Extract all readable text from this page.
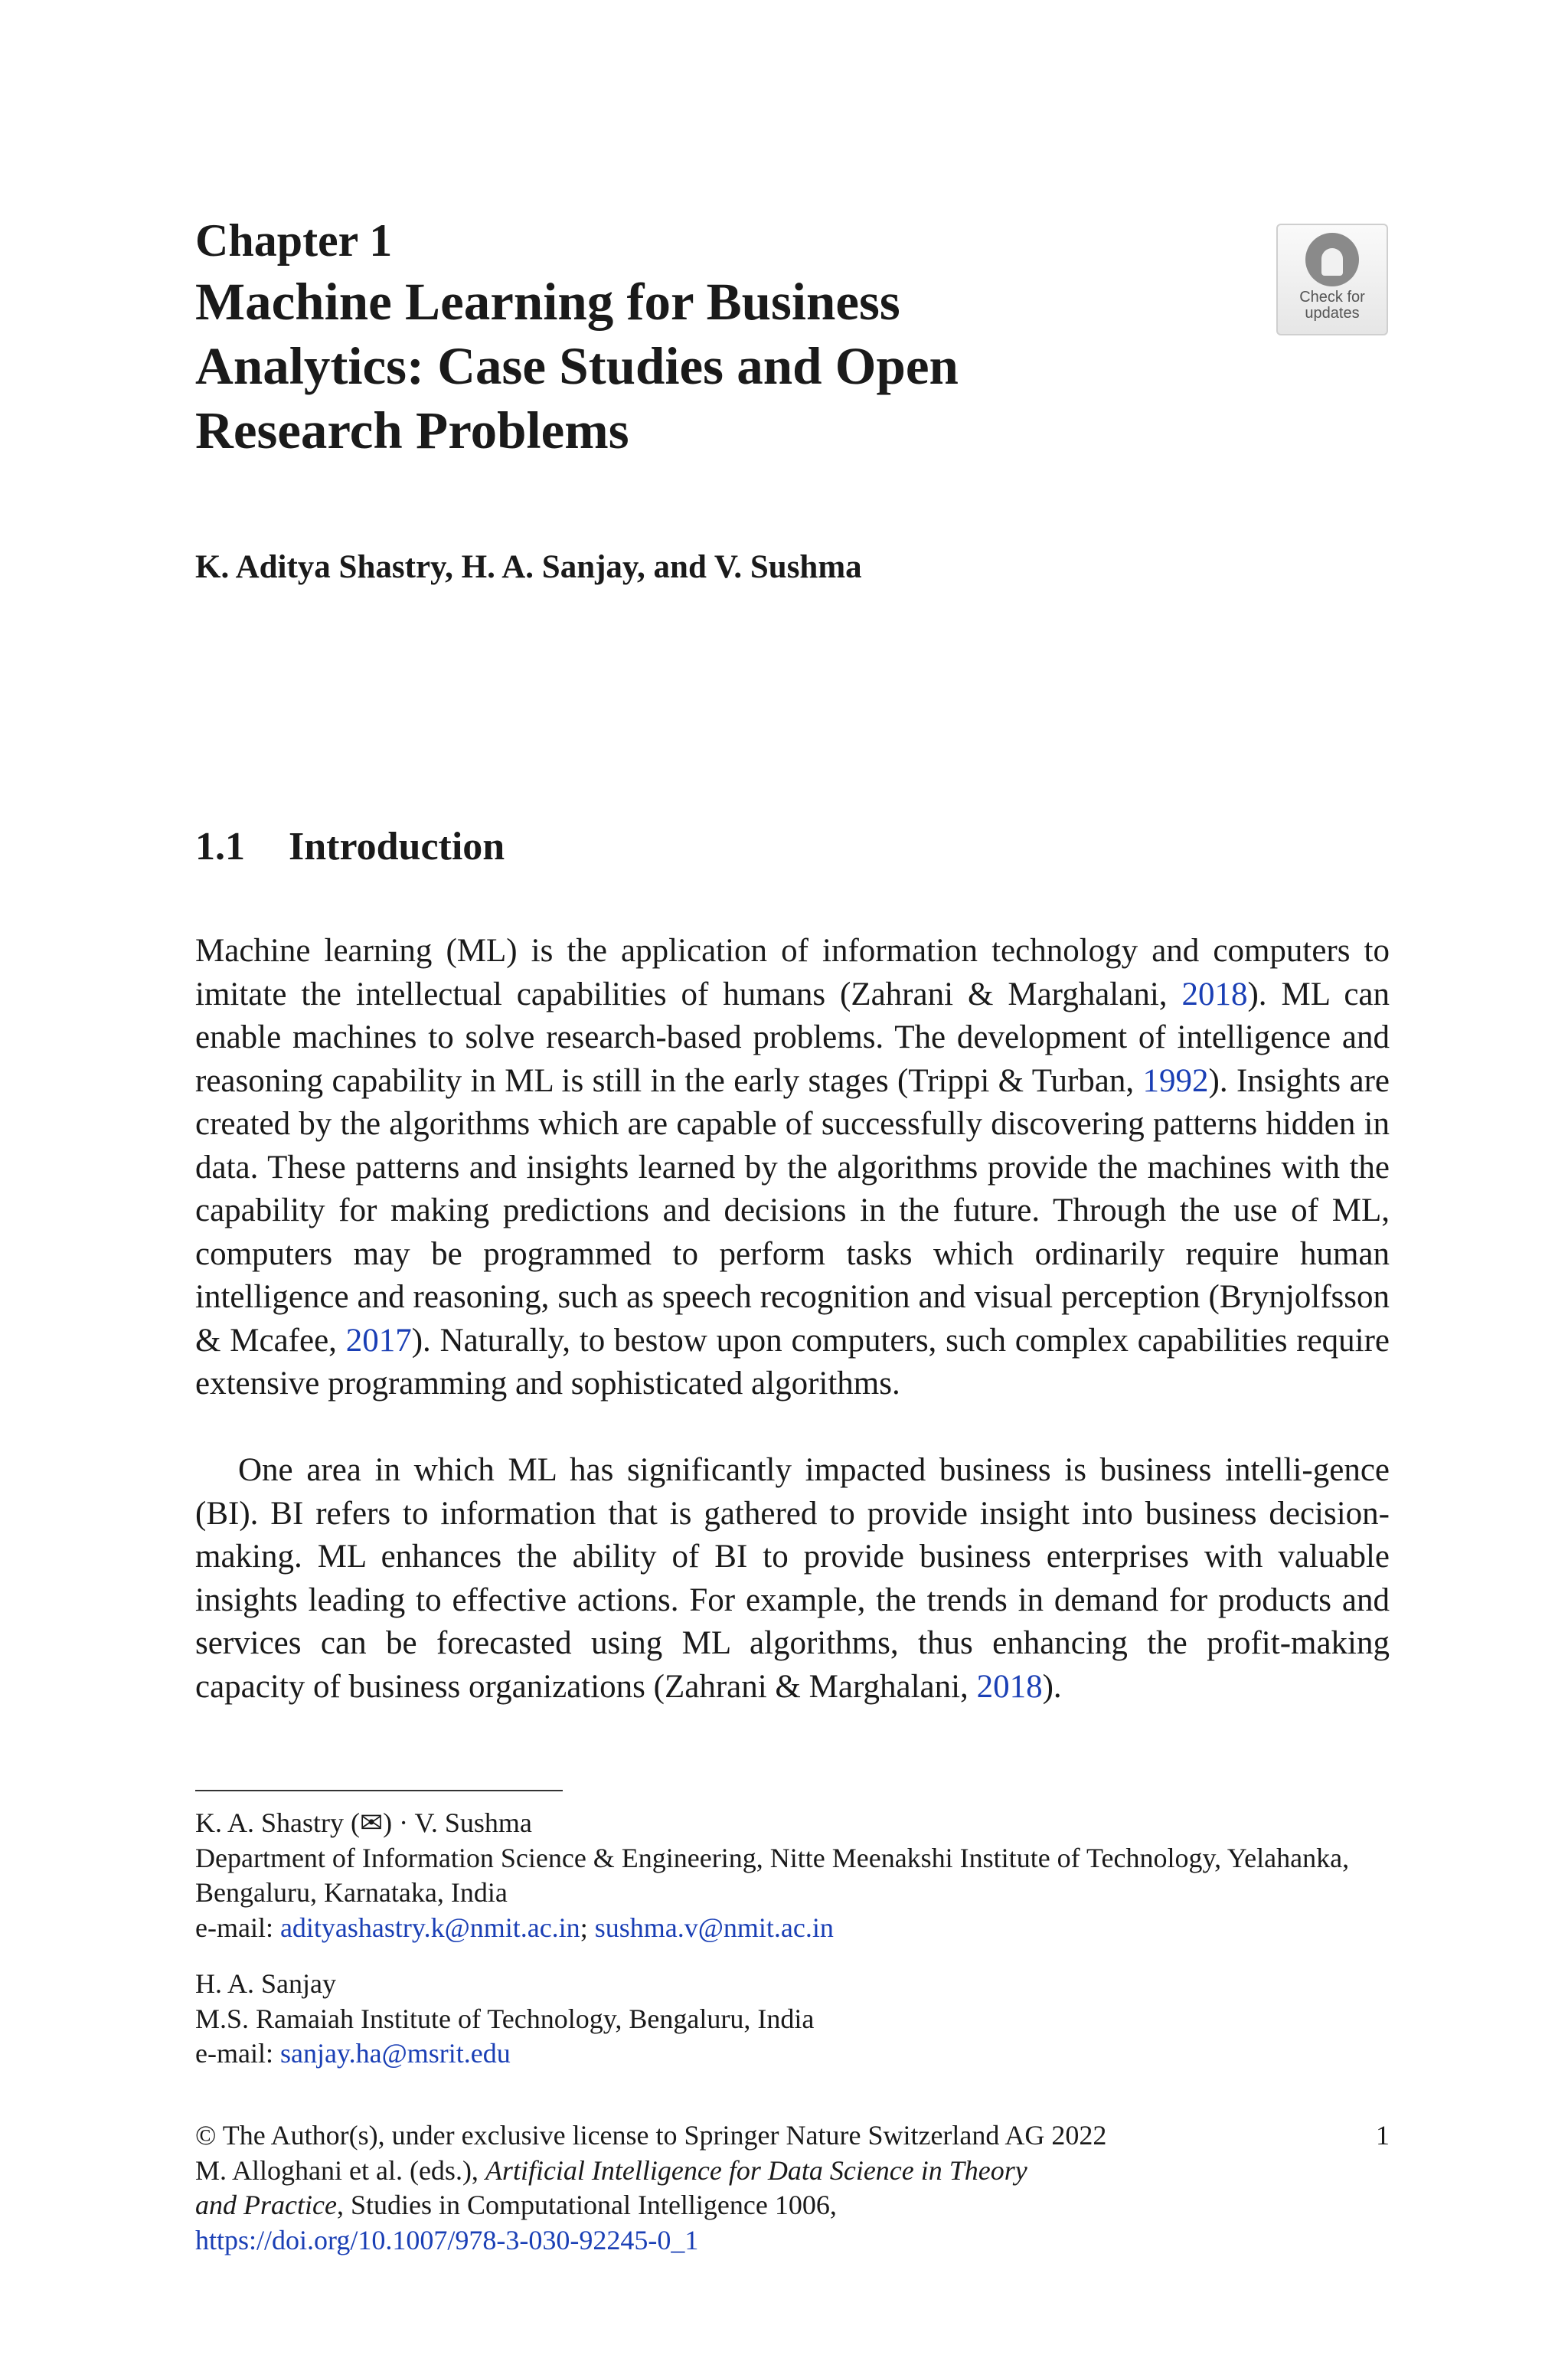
Chapter 1
Machine Learning for Business
Analytics: Case Studies and Open
Research Problems
Check for
updates
K. Aditya Shastry, H. A. Sanjay, and V. Sushma
1.1 Introduction
Machine learning (ML) is the application of information technology and computers to imitate the intellectual capabilities of humans (Zahrani & Marghalani, 2018). ML can enable machines to solve research-based problems. The development of intelligence and reasoning capability in ML is still in the early stages (Trippi & Turban, 1992). Insights are created by the algorithms which are capable of successfully discovering patterns hidden in data. These patterns and insights learned by the algorithms provide the machines with the capability for making predictions and decisions in the future. Through the use of ML, computers may be programmed to perform tasks which ordinarily require human intelligence and reasoning, such as speech recognition and visual perception (Brynjolfsson & Mcafee, 2017). Naturally, to bestow upon computers, such complex capabilities require extensive programming and sophisticated algorithms.
One area in which ML has significantly impacted business is business intelli-gence (BI). BI refers to information that is gathered to provide insight into business decision-making. ML enhances the ability of BI to provide business enterprises with valuable insights leading to effective actions. For example, the trends in demand for products and services can be forecasted using ML algorithms, thus enhancing the profit-making capacity of business organizations (Zahrani & Marghalani, 2018).
K. A. Shastry (✉) · V. Sushma
Department of Information Science & Engineering, Nitte Meenakshi Institute of Technology, Yelahanka, Bengaluru, Karnataka, India
e-mail: adityashastry.k@nmit.ac.in; sushma.v@nmit.ac.in
H. A. Sanjay
M.S. Ramaiah Institute of Technology, Bengaluru, India
e-mail: sanjay.ha@msrit.edu
© The Author(s), under exclusive license to Springer Nature Switzerland AG 2022	1
M. Alloghani et al. (eds.), Artificial Intelligence for Data Science in Theory
and Practice, Studies in Computational Intelligence 1006,
https://doi.org/10.1007/978-3-030-92245-0_1
